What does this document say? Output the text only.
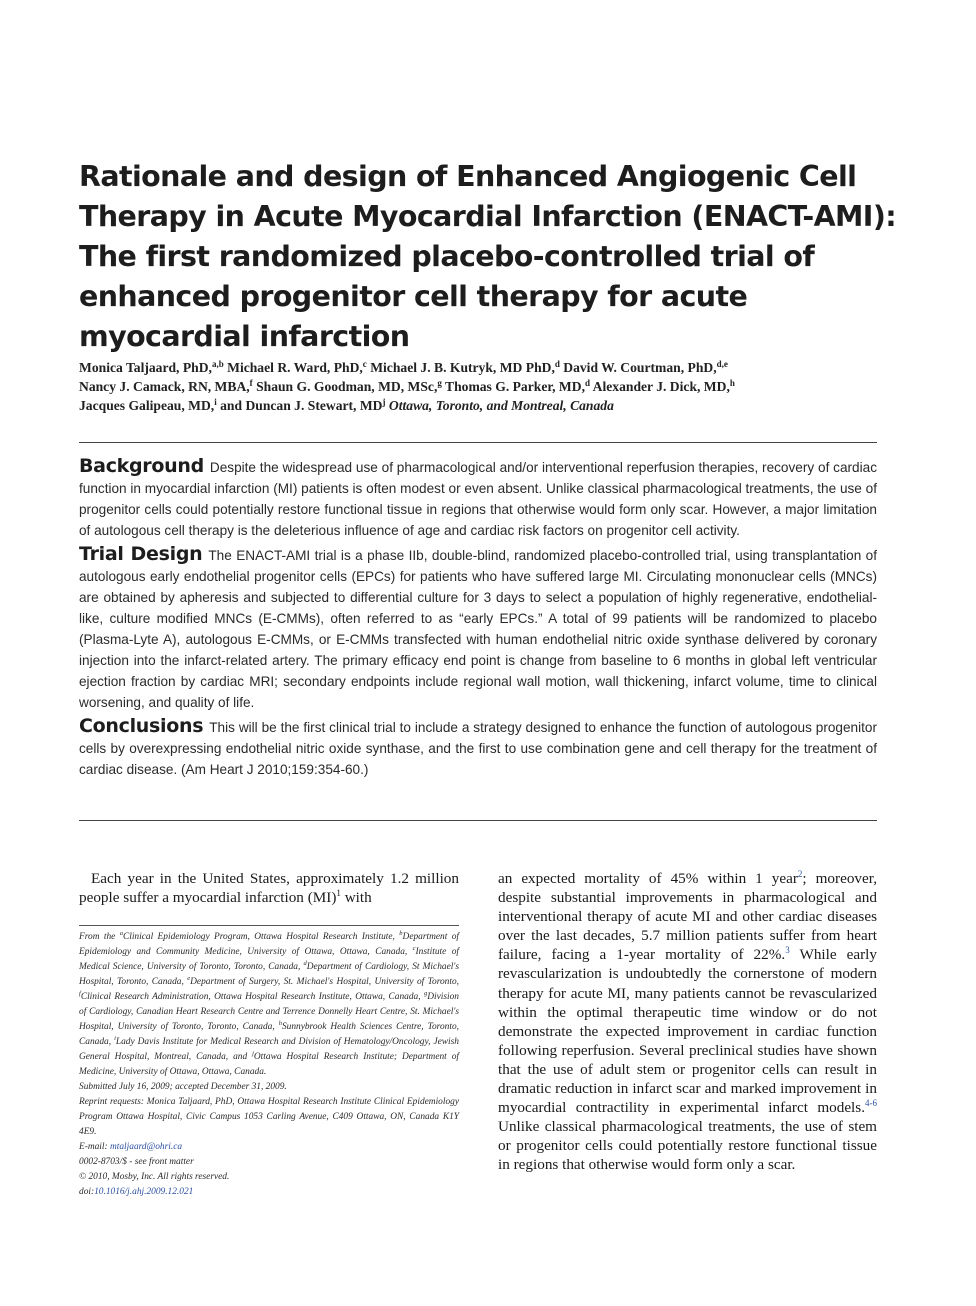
Rationale and design of Enhanced Angiogenic Cell
Therapy in Acute Myocardial Infarction (ENACT-AMI):
The first randomized placebo-controlled trial of
enhanced progenitor cell therapy for acute
myocardial infarction
Monica Taljaard, PhD,$^{a,b}$ Michael R. Ward, PhD,$^c$ Michael J. B. Kutryk, MD PhD,$^d$ David W. Courtman, PhD,$^{d,e}$
Nancy J. Camack, RN, MBA,$^f$ Shaun G. Goodman, MD, MSc,$^g$ Thomas G. Parker, MD,$^d$ Alexander J. Dick, MD,$^h$
Jacques Galipeau, MD,$^i$ and Duncan J. Stewart, $MD^j$ Ottawa, Toronto, and Montreal, Canada

Background Despite the widespread use of pharmacological and/or interventional reperfusion therapies, recovery of cardiac function in myocardial infarction (MI) patients is often modest or even absent. Unlike classical pharmacological treatments, the use of progenitor cells could potentially restore functional tissue in regions that otherwise would form only scar. However, a major limitation of autologous cell therapy is the deleterious influence of age and cardiac risk factors on progenitor cell activity.

Trial Design The ENACT-AMI trial is a phase IIb, double-blind, randomized placebo-controlled trial, using transplantation of autologous early endothelial progenitor cells (EPCs) for patients who have suffered large MI. Circulating mononuclear cells (MNCs) are obtained by apheresis and subjected to differential culture for 3 days to select a population of highly regenerative, endothelial-like, culture modified MNCs (E-CMMs), often referred to as “early EPCs.” A total of 99 patients will be randomized to placebo (Plasma-Lyte A), autologous E-CMMs, or E-CMMs transfected with human endothelial nitric oxide synthase delivered by coronary injection into the infarct-related artery. The primary efficacy end point is change from baseline to 6 months in global left ventricular ejection fraction by cardiac MRI; secondary endpoints include regional wall motion, wall thickening, infarct volume, time to clinical worsening, and quality of life.

Conclusions This will be the first clinical trial to include a strategy designed to enhance the function of autologous progenitor cells by overexpressing endothelial nitric oxide synthase, and the first to use combination gene and cell therapy for the treatment of cardiac disease. (Am Heart J 2010;159:354-60.)

Each year in the United States, approximately 1.2 million people suffer a myocardial infarction (MI)$^1$ with

From the $^a$Clinical Epidemiology Program, Ottawa Hospital Research Institute, $^b$Department of Epidemiology and Community Medicine, University of Ottawa, Ottawa, Canada, $^c$Institute of Medical Science, University of Toronto, Toronto, Canada, $^d$Department of Cardiology, St Michael's Hospital, Toronto, Canada, $^e$Department of Surgery, St. Michael's Hospital, University of Toronto, $^f$Clinical Research Administration, Ottawa Hospital Research Institute, Ottawa, Canada, $^g$Division of Cardiology, Canadian Heart Research Centre and Terrence Donnelly Heart Centre, St. Michael's Hospital, University of Toronto, Toronto, Canada, $^h$Sunnybrook Health Sciences Centre, Toronto, Canada, $^i$Lady Davis Institute for Medical Research and Division of Hematology/Oncology, Jewish General Hospital, Montreal, Canada, and $^j$Ottawa Hospital Research Institute; Department of Medicine, University of Ottawa, Ottawa, Canada.

Submitted July 16, 2009; accepted December 31, 2009.

Reprint requests: Monica Taljaard, PhD, Ottawa Hospital Research Institute Clinical Epidemiology Program Ottawa Hospital, Civic Campus 1053 Carling Avenue, C409 Ottawa, ON, Canada K1Y 4E9.

E-mail: mtaljaard@ohri.ca

0002-8703/$ - see front matter

© 2010, Mosby, Inc. All rights reserved.

doi:10.1016/j.ahj.2009.12.021

an expected mortality of 45% within 1 year$^2$; moreover, despite substantial improvements in pharmacological and interventional therapy of acute MI and other cardiac diseases over the last decades, 5.7 million patients suffer from heart failure, facing a 1-year mortality of 22%.$^3$ While early revascularization is undoubtedly the cornerstone of modern therapy for acute MI, many patients cannot be revascularized within the optimal therapeutic time window or do not demonstrate the expected improvement in cardiac function following reperfusion. Several preclinical studies have shown that the use of adult stem or progenitor cells can result in dramatic reduction in infarct scar and marked improvement in myocardial contractility in experimental infarct models.$^{4-6}$ Unlike classical pharmacological treatments, the use of stem or progenitor cells could potentially restore functional tissue in regions that otherwise would form only a scar.
